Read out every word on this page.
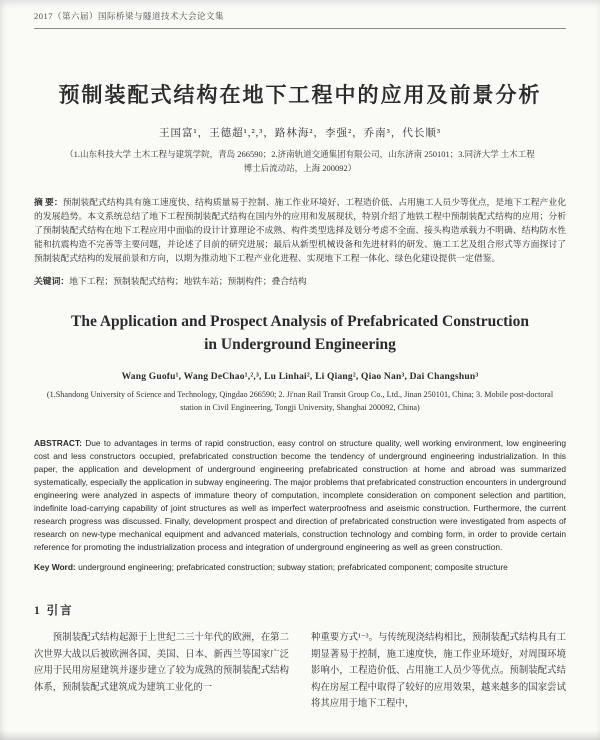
2017（第六届）国际桥梁与隧道技术大会论文集
预制装配式结构在地下工程中的应用及前景分析
王国富¹，王德超¹,²,³，路林海²，李强²，乔南³，代长顺³
（1.山东科技大学 土木工程与建筑学院，青岛 266590；2.济南轨道交通集团有限公司，山东济南 250101；3.同济大学 土木工程博士后流动站，上海 200092）

摘 要：预制装配式结构具有施工速度快、结构质量易于控制、施工作业环境好、工程造价低、占用施工人员少等优点，是地下工程产业化的发展趋势。本文系统总结了地下工程预制装配式结构在国内外的应用和发展现状，特别介绍了地铁工程中预制装配式结构的应用；分析了预制装配式结构在地下工程应用中面临的设计计算理论不成熟、构件类型选择及划分考虑不全面、接头构造承载力不明确、结构防水性能和抗震构造不完善等主要问题，并论述了目前的研究进展；最后从新型机械设备和先进材料的研发、施工工艺及组合形式等方面探讨了预制装配式结构的发展前景和方向，以期为推动地下工程产业化进程、实现地下工程一体化、绿色化建设提供一定借鉴。

关键词：地下工程；预制装配式结构；地铁车站；预制构件；叠合结构

The Application and Prospect Analysis of Prefabricated Construction
in Underground Engineering
Wang Guofu¹, Wang DeChao¹,²,³, Lu Linhai², Li Qiang², Qiao Nan³, Dai Changshun³
(1.Shandong University of Science and Technology, Qingdao 266590; 2. Ji'nan Rail Transit Group Co., Ltd., Jinan 250101, China; 3. Mobile post-doctoral station in Civil Engineering, Tongji University, Shanghai 200092, China)

ABSTRACT: Due to advantages in terms of rapid construction, easy control on structure quality, well working environment, low engineering cost and less constructors occupied, prefabricated construction become the tendency of underground engineering industrialization. In this paper, the application and development of underground engineering prefabricated construction at home and abroad was summarized systematically, especially the application in subway engineering. The major problems that prefabricated construction encounters in underground engineering were analyzed in aspects of immature theory of computation, incomplete consideration on component selection and partition, indefinite load-carrying capability of joint structures as well as imperfect waterproofness and aseismic construction. Furthermore, the current research progress was discussed. Finally, development prospect and direction of prefabricated construction were investigated from aspects of research on new-type mechanical equipment and advanced materials, construction technology and combing form, in order to provide certain reference for promoting the industrialization process and integration of underground engineering as well as green construction.

Key Word: underground engineering; prefabricated construction; subway station; prefabricated component; composite structure

1 引言

预制装配式结构起源于上世纪二三十年代的欧洲，在第二次世界大战以后被欧洲各国、美国、日本、新西兰等国家广泛应用于民用房屋建筑并逐步建立了较为成熟的预制装配式结构体系，预制装配式建筑成为建筑工业化的一

种重要方式¹⁻³。与传统现浇结构相比，预制装配式结构具有工期显著易于控制，施工速度快，施工作业环境好，对周围环境影响小，工程造价低、占用施工人员少等优点。预制装配式结构在房屋工程中取得了较好的应用效果，越来越多的国家尝试将其应用于地下工程中，
